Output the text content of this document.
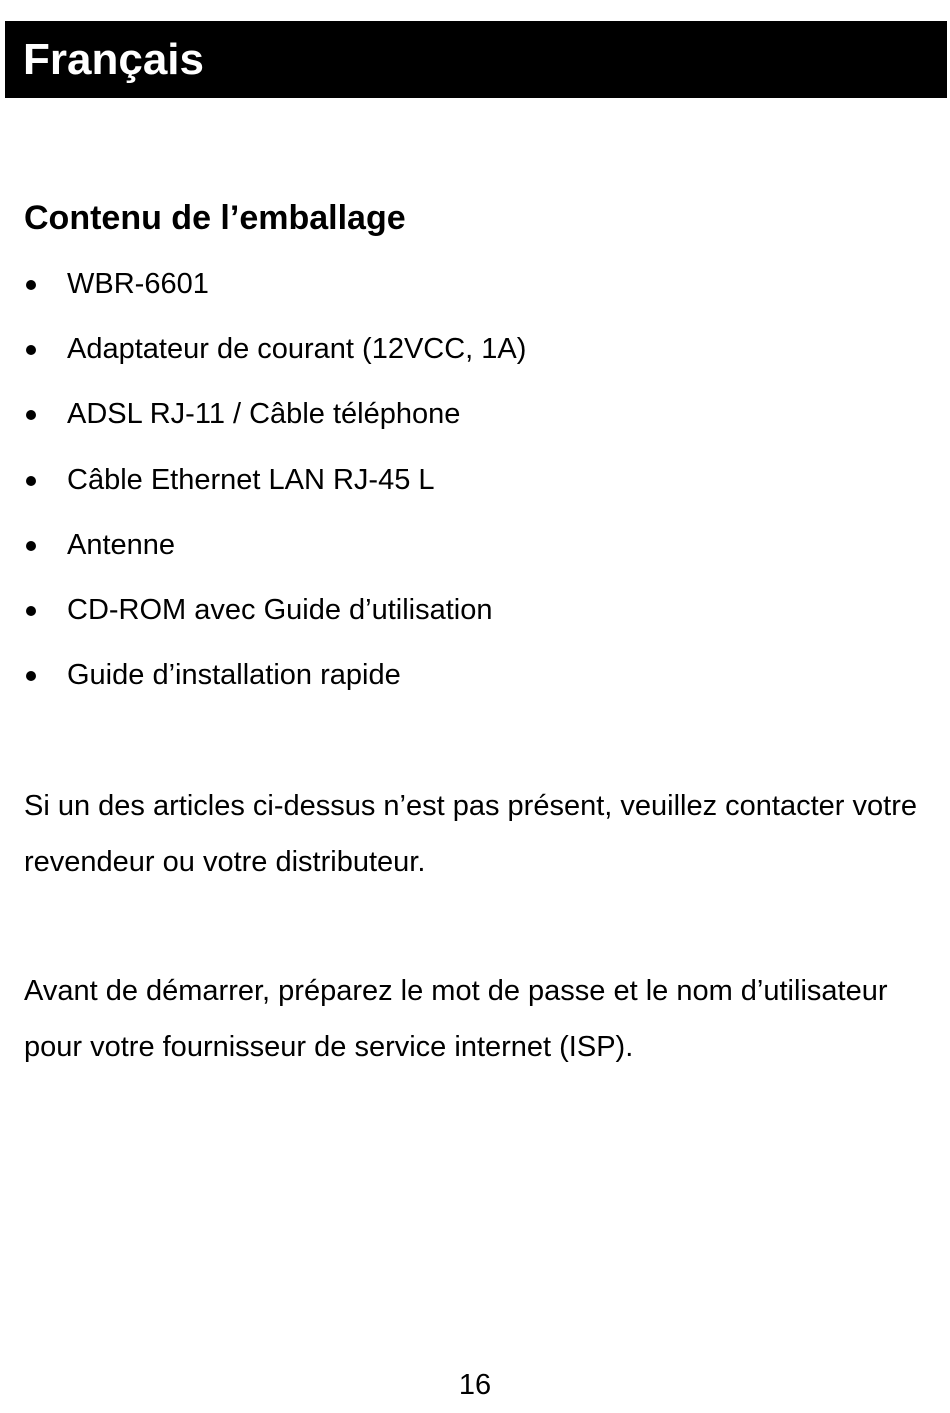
Français
Contenu de l’emballage
WBR-6601
Adaptateur de courant (12VCC, 1A)
ADSL RJ-11 / Câble téléphone
Câble Ethernet LAN RJ-45 L
Antenne
CD-ROM avec Guide d’utilisation
Guide d’installation rapide

Si un des articles ci-dessus n’est pas présent, veuillez contacter votre revendeur ou votre distributeur.

Avant de démarrer, préparez le mot de passe et le nom d’utilisateur pour votre fournisseur de service internet (ISP).

16
